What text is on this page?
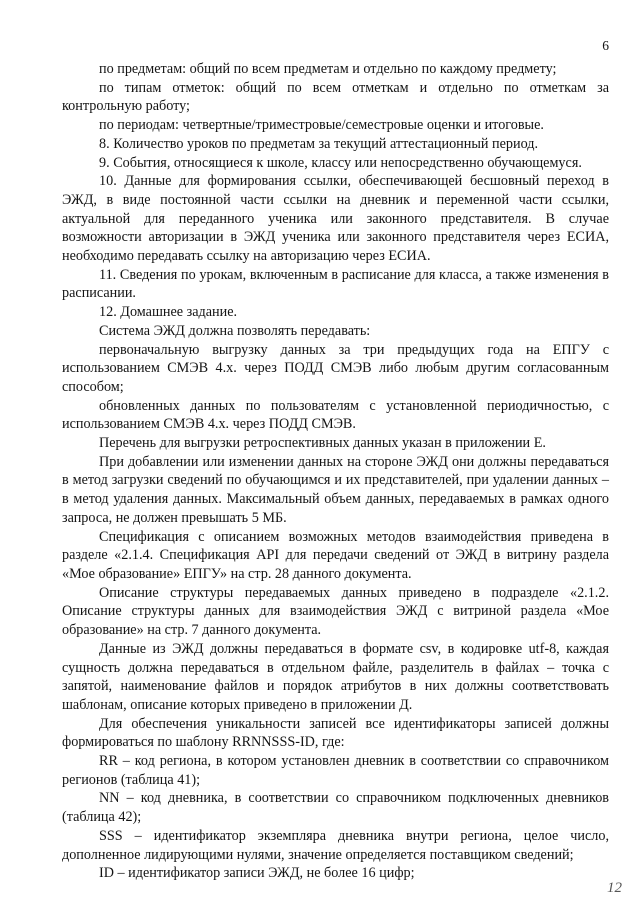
6

по предметам: общий по всем предметам и отдельно по каждому предмету;

по типам отметок: общий по всем отметкам и отдельно по отметкам за контрольную работу;

по периодам: четвертные/триместровые/семестровые оценки и итоговые.

8. Количество уроков по предметам за текущий аттестационный период.

9. События, относящиеся к школе, классу или непосредственно обучающемуся.

10. Данные для формирования ссылки, обеспечивающей бесшовный переход в ЭЖД, в виде постоянной части ссылки на дневник и переменной части ссылки, актуальной для переданного ученика или законного представителя. В случае возможности авторизации в ЭЖД ученика или законного представителя через ЕСИА, необходимо передавать ссылку на авторизацию через ЕСИА.

11. Сведения по урокам, включенным в расписание для класса, а также изменения в расписании.

12. Домашнее задание.

Система ЭЖД должна позволять передавать:

первоначальную выгрузку данных за три предыдущих года на ЕПГУ с использованием СМЭВ 4.х. через ПОДД СМЭВ либо любым другим согласованным способом;

обновленных данных по пользователям с установленной периодичностью, с использованием СМЭВ 4.х. через ПОДД СМЭВ.

Перечень для выгрузки ретроспективных данных указан в приложении Е.

При добавлении или изменении данных на стороне ЭЖД они должны передаваться в метод загрузки сведений по обучающимся и их представителей, при удалении данных – в метод удаления данных. Максимальный объем данных, передаваемых в рамках одного запроса, не должен превышать 5 МБ.

Спецификация с описанием возможных методов взаимодействия приведена в разделе «2.1.4. Спецификация API для передачи сведений от ЭЖД в витрину раздела «Мое образование» ЕПГУ» на стр. 28 данного документа.

Описание структуры передаваемых данных приведено в подразделе «2.1.2. Описание структуры данных для взаимодействия ЭЖД с витриной раздела «Мое образование» на стр. 7 данного документа.

Данные из ЭЖД должны передаваться в формате csv, в кодировке utf-8, каждая сущность должна передаваться в отдельном файле, разделитель в файлах – точка с запятой, наименование файлов и порядок атрибутов в них должны соответствовать шаблонам, описание которых приведено в приложении Д.

Для обеспечения уникальности записей все идентификаторы записей должны формироваться по шаблону RRNNSSS-ID, где:

RR – код региона, в котором установлен дневник в соответствии со справочником регионов (таблица 41);

NN – код дневника, в соответствии со справочником подключенных дневников (таблица 42);

SSS – идентификатор экземпляра дневника внутри региона, целое число, дополненное лидирующими нулями, значение определяется поставщиком сведений;

ID – идентификатор записи ЭЖД, не более 16 цифр;

12
